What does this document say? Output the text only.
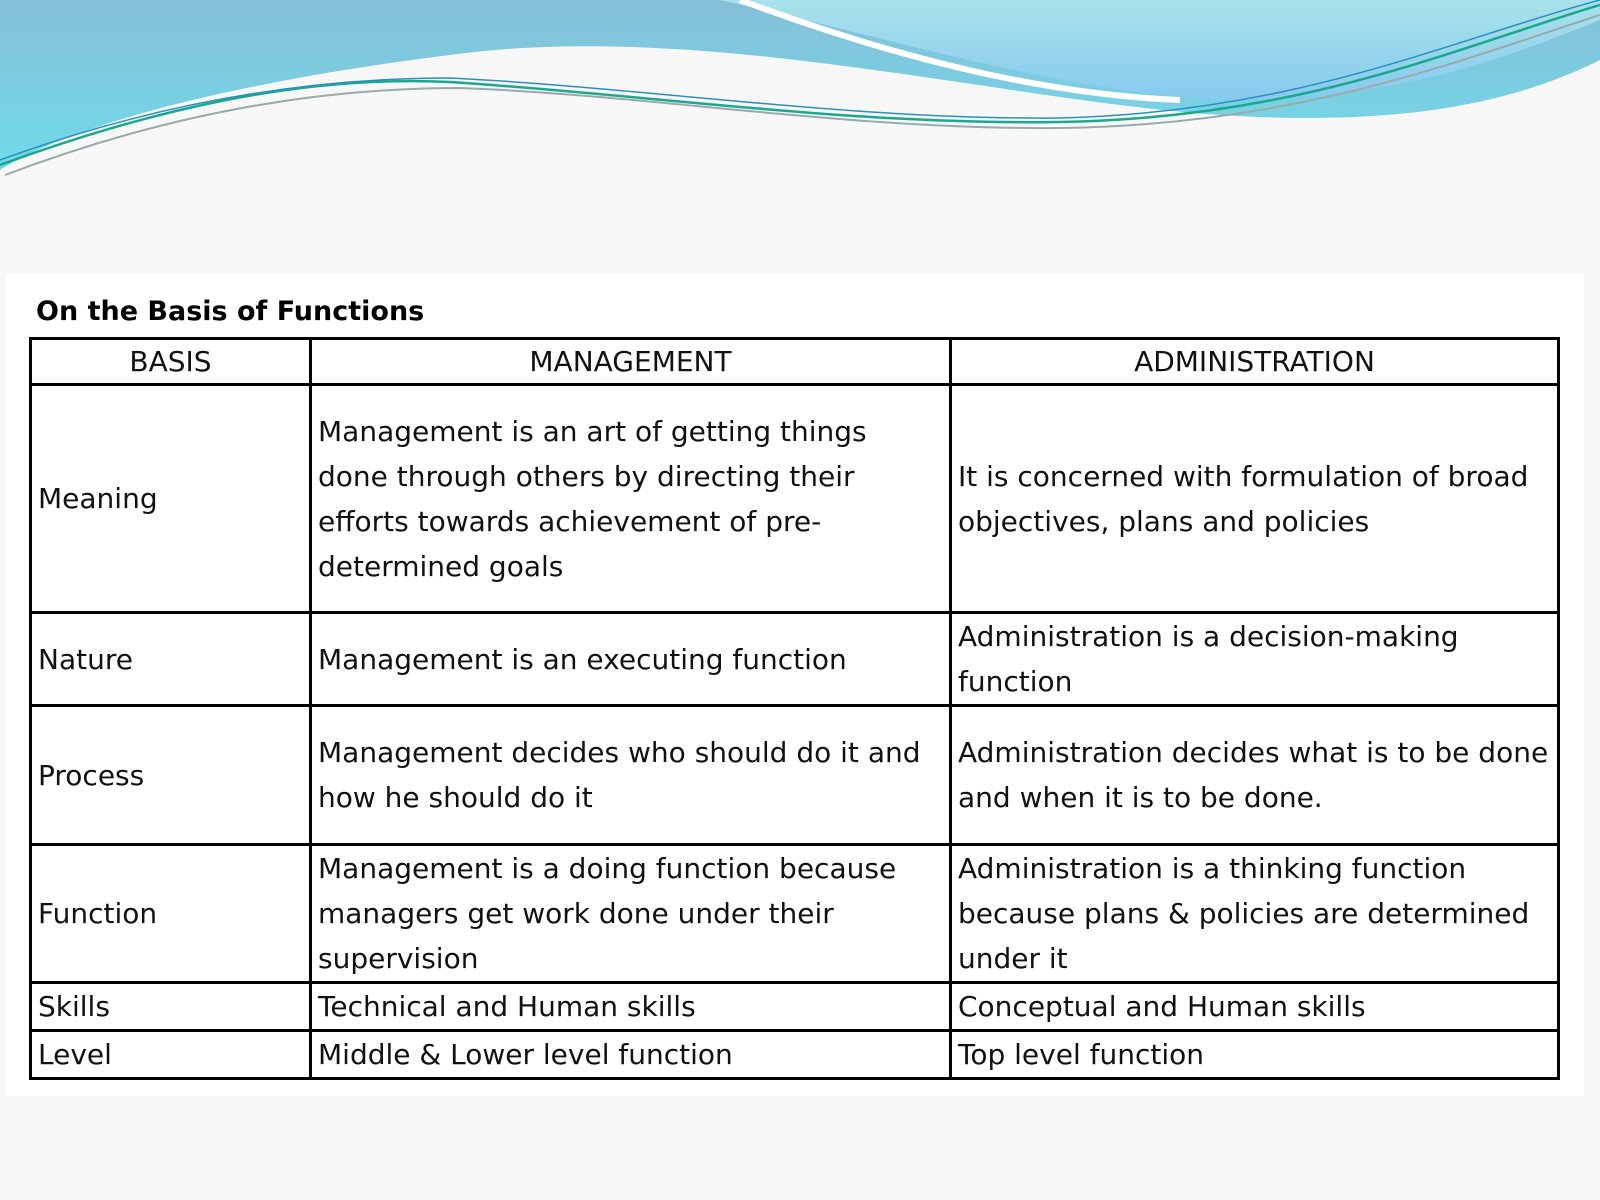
On the Basis of Functions
BASIS	MANAGEMENT	ADMINISTRATION
Meaning	Management is an art of getting things done through others by directing their efforts towards achievement of pre-determined goals	It is concerned with formulation of broad objectives, plans and policies
Nature	Management is an executing function	Administration is a decision-making function
Process	Management decides who should do it and how he should do it	Administration decides what is to be done and when it is to be done.
Function	Management is a doing function because managers get work done under their supervision	Administration is a thinking function because plans & policies are determined under it
Skills	Technical and Human skills	Conceptual and Human skills
Level	Middle & Lower level function	Top level function
